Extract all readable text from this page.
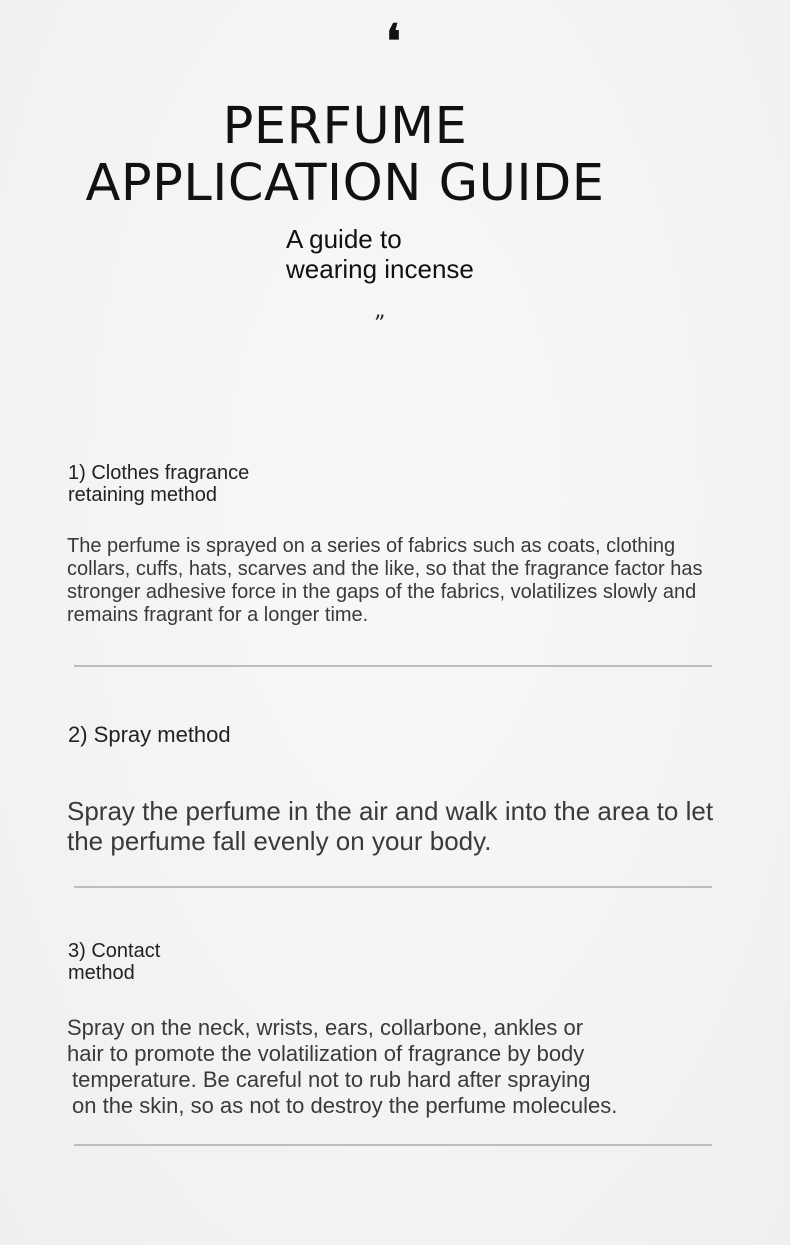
❛
PERFUME
APPLICATION GUIDE
A guide to
wearing incense
”
1) Clothes fragrance
retaining method
The perfume is sprayed on a series of fabrics such as coats, clothing collars, cuffs, hats, scarves and the like, so that the fragrance factor has stronger adhesive force in the gaps of the fabrics, volatilizes slowly and remains fragrant for a longer time.
2) Spray method
Spray the perfume in the air and walk into the area to let the perfume fall evenly on your body.
3) Contact
method
Spray on the neck, wrists, ears, collarbone, ankles or
hair to promote the volatilization of fragrance by body
temperature. Be careful not to rub hard after spraying
on the skin, so as not to destroy the perfume molecules.
